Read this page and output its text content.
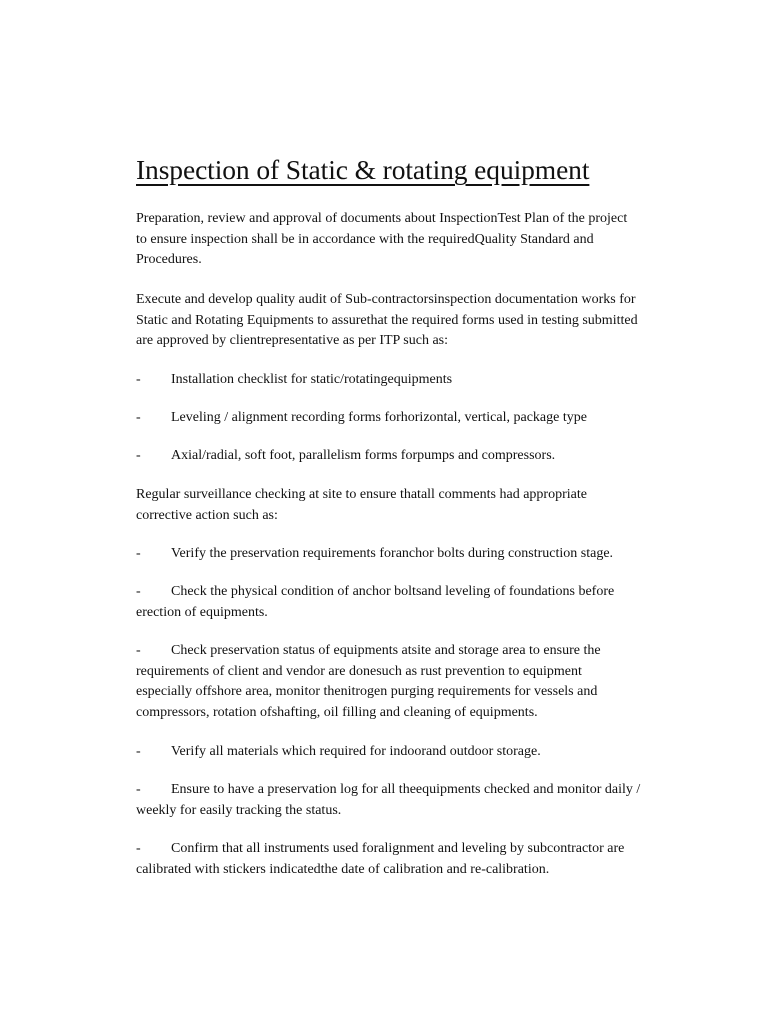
Inspection of Static & rotating equipment
Preparation, review and approval of documents about InspectionTest Plan of the project
to ensure inspection shall be in accordance with the requiredQuality Standard and
Procedures.
Execute and develop quality audit of Sub-contractorsinspection documentation works for
Static and Rotating Equipments to assurethat the required forms used in testing submitted
are approved by clientrepresentative as per ITP such as:
- Installation checklist for static/rotatingequipments
- Leveling / alignment recording forms forhorizontal, vertical, package type
- Axial/radial, soft foot, parallelism forms forpumps and compressors.
Regular surveillance checking at site to ensure thatall comments had appropriate
corrective action such as:
- Verify the preservation requirements foranchor bolts during construction stage.
- Check the physical condition of anchor boltsand leveling of foundations before
erection of equipments.
- Check preservation status of equipments atsite and storage area to ensure the
requirements of client and vendor are donesuch as rust prevention to equipment
especially offshore area, monitor thenitrogen purging requirements for vessels and
compressors, rotation ofshafting, oil filling and cleaning of equipments.
- Verify all materials which required for indoorand outdoor storage.
- Ensure to have a preservation log for all theequipments checked and monitor daily /
weekly for easily tracking the status.
- Confirm that all instruments used foralignment and leveling by subcontractor are
calibrated with stickers indicatedthe date of calibration and re-calibration.
